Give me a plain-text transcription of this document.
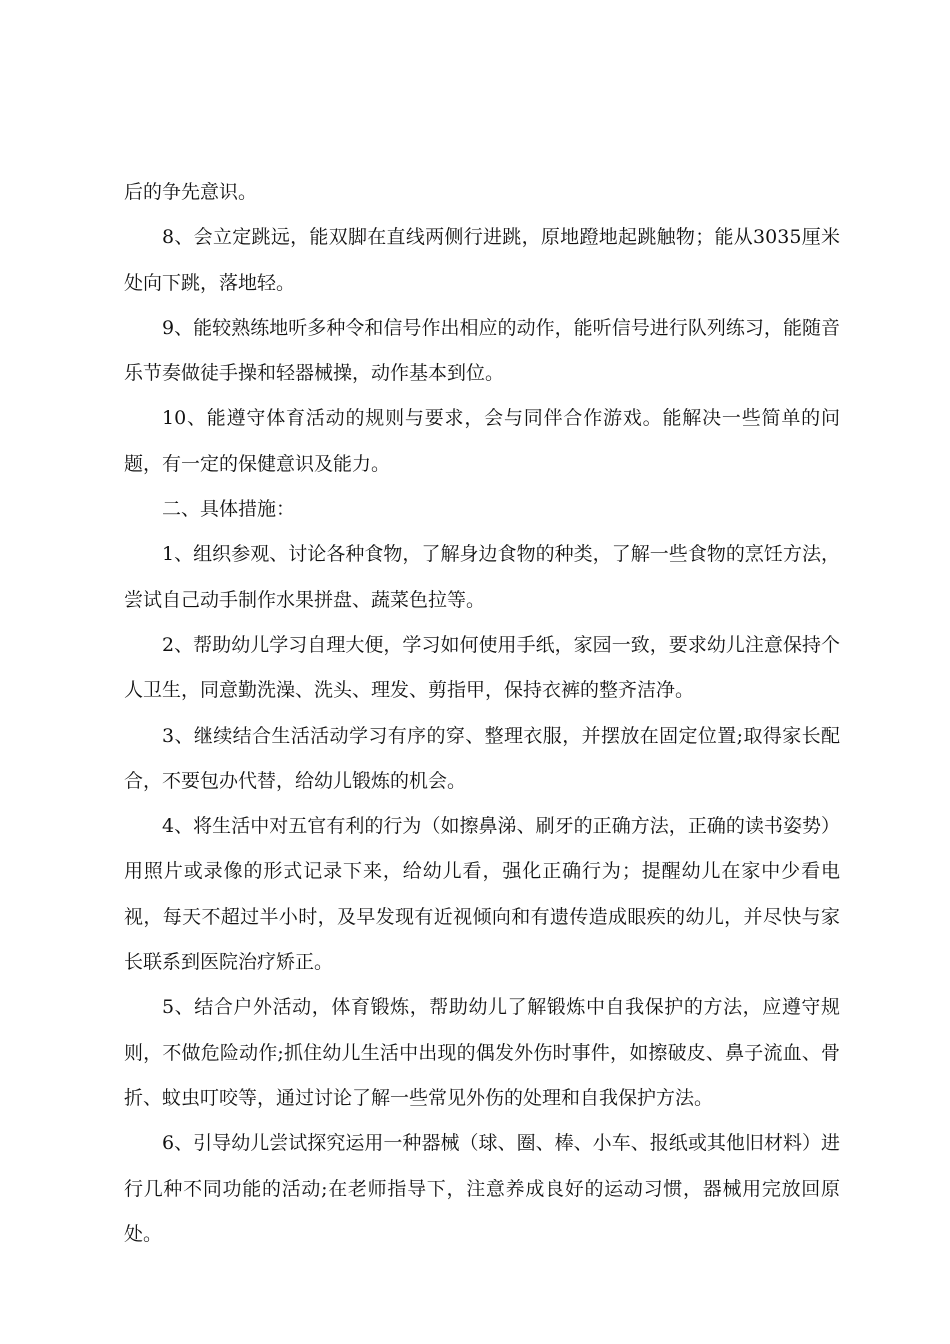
后的争先意识。

8、会立定跳远，能双脚在直线两侧行进跳，原地蹬地起跳触物；能从3035厘米处向下跳，落地轻。

9、能较熟练地听多种令和信号作出相应的动作，能听信号进行队列练习，能随音乐节奏做徒手操和轻器械操，动作基本到位。

10、能遵守体育活动的规则与要求，会与同伴合作游戏。能解决一些简单的问题，有一定的保健意识及能力。

二、具体措施：

1、组织参观、讨论各种食物，了解身边食物的种类，了解一些食物的烹饪方法，尝试自己动手制作水果拼盘、蔬菜色拉等。

2、帮助幼儿学习自理大便，学习如何使用手纸，家园一致，要求幼儿注意保持个人卫生，同意勤洗澡、洗头、理发、剪指甲，保持衣裤的整齐洁净。

3、继续结合生活活动学习有序的穿、整理衣服，并摆放在固定位置;取得家长配合，不要包办代替，给幼儿锻炼的机会。

4、将生活中对五官有利的行为（如擦鼻涕、刷牙的正确方法，正确的读书姿势）用照片或录像的形式记录下来，给幼儿看，强化正确行为；提醒幼儿在家中少看电视，每天不超过半小时，及早发现有近视倾向和有遗传造成眼疾的幼儿，并尽快与家长联系到医院治疗矫正。

5、结合户外活动，体育锻炼，帮助幼儿了解锻炼中自我保护的方法，应遵守规则，不做危险动作;抓住幼儿生活中出现的偶发外伤时事件，如擦破皮、鼻子流血、骨折、蚊虫叮咬等，通过讨论了解一些常见外伤的处理和自我保护方法。

6、引导幼儿尝试探究运用一种器械（球、圈、棒、小车、报纸或其他旧材料）进行几种不同功能的活动;在老师指导下，注意养成良好的运动习惯，器械用完放回原处。
